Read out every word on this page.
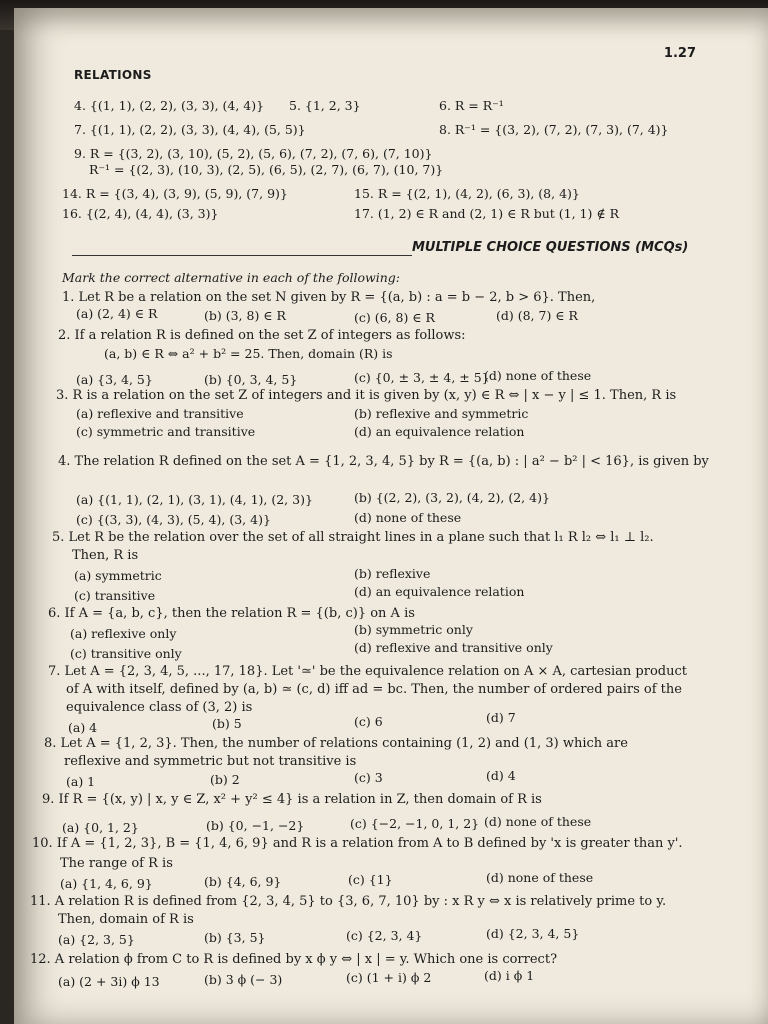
1.27
RELATIONS
4. {(1, 1), (2, 2), (3, 3), (4, 4)} 5. {1, 2, 3}	6. R = R⁻¹
7. {(1, 1), (2, 2), (3, 3), (4, 4), (5, 5)}	8. R⁻¹ = {(3, 2), (7, 2), (7, 3), (7, 4)}
9. R = {(3, 2), (3, 10), (5, 2), (5, 6), (7, 2), (7, 6), (7, 10)}
R⁻¹ = {(2, 3), (10, 3), (2, 5), (6, 5), (2, 7), (6, 7), (10, 7)}
14. R = {(3, 4), (3, 9), (5, 9), (7, 9)}	15. R = {(2, 1), (4, 2), (6, 3), (8, 4)}
16. {(2, 4), (4, 4), (3, 3)}	17. (1, 2) ∈ R and (2, 1) ∈ R but (1, 1) ∉ R
MULTIPLE CHOICE QUESTIONS (MCQs)
Mark the correct alternative in each of the following:
1. Let R be a relation on the set N given by R = {(a, b) : a = b − 2, b > 6}. Then,
(a) (2, 4) ∈ R	(b) (3, 8) ∈ R	(c) (6, 8) ∈ R	(d) (8, 7) ∈ R
2. If a relation R is defined on the set Z of integers as follows:
(a, b) ∈ R ⇔ a² + b² = 25. Then, domain (R) is
(a) {3, 4, 5}	(b) {0, 3, 4, 5}	(c) {0, ± 3, ± 4, ± 5}
(d) none of these
3. R is a relation on the set Z of integers and it is given by (x, y) ∈ R ⇔ | x − y | ≤ 1. Then, R is
(a) reflexive and transitive	(b) reflexive and symmetric
(c) symmetric and transitive	(d) an equivalence relation
4. The relation R defined on the set A = {1, 2, 3, 4, 5} by R = {(a, b) : | a² − b² | < 16}, is given by
(a) {(1, 1), (2, 1), (3, 1), (4, 1), (2, 3)}	(b) {(2, 2), (3, 2), (4, 2), (2, 4)}
(c) {(3, 3), (4, 3), (5, 4), (3, 4)}	(d) none of these
5. Let R be the relation over the set of all straight lines in a plane such that l₁ R l₂ ⇔ l₁ ⊥ l₂.
Then, R is
(a) symmetric	(b) reflexive
(c) transitive	(d) an equivalence relation
6. If A = {a, b, c}, then the relation R = {(b, c)} on A is
(a) reflexive only	(b) symmetric only
(c) transitive only	(d) reflexive and transitive only
7. Let A = {2, 3, 4, 5, ..., 17, 18}. Let '≃' be the equivalence relation on A × A, cartesian product
of A with itself, defined by (a, b) ≃ (c, d) iff ad = bc. Then, the number of ordered pairs of the
equivalence class of (3, 2) is
(a) 4	(b) 5	(c) 6	(d) 7
8. Let A = {1, 2, 3}. Then, the number of relations containing (1, 2) and (1, 3) which are
reflexive and symmetric but not transitive is
(a) 1	(b) 2	(c) 3	(d) 4
9. If R = {(x, y) | x, y ∈ Z, x² + y² ≤ 4} is a relation in Z, then domain of R is
(a) {0, 1, 2}	(b) {0, −1, −2}	(c) {−2, −1, 0, 1, 2} (d) none of these
10. If A = {1, 2, 3}, B = {1, 4, 6, 9} and R is a relation from A to B defined by 'x is greater than y'.
The range of R is
(a) {1, 4, 6, 9}	(b) {4, 6, 9}	(c) {1}	(d) none of these
11. A relation R is defined from {2, 3, 4, 5} to {3, 6, 7, 10} by : x R y ⇔ x is relatively prime to y.
Then, domain of R is
(a) {2, 3, 5}	(b) {3, 5}	(c) {2, 3, 4}	(d) {2, 3, 4, 5}
12. A relation ϕ from C to R is defined by x ϕ y ⇔ | x | = y. Which one is correct?
(a) (2 + 3i) ϕ 13	(b) 3 ϕ (− 3)	(c) (1 + i) ϕ 2	(d) i ϕ 1
